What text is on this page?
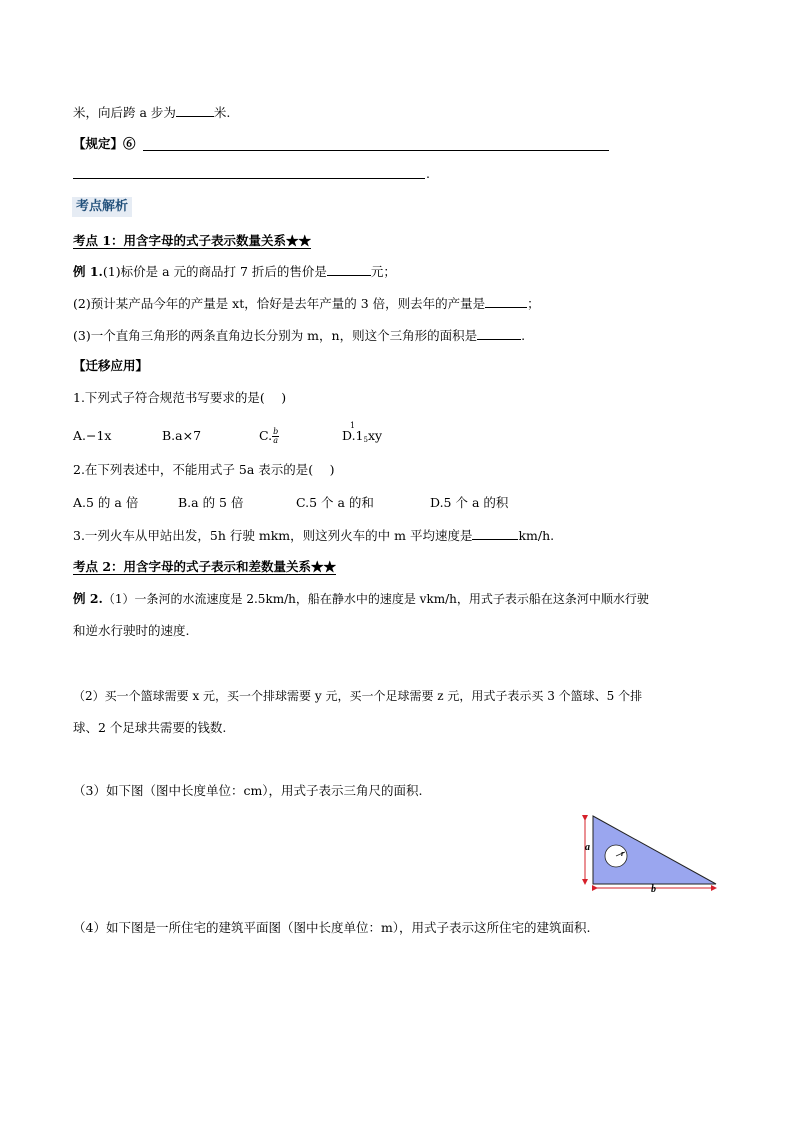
米，向后跨 a 步为	米.
【规定】⑥
.
考点解析
考点 1：用含字母的式子表示数量关系★★
例 1.(1)标价是 a 元的商品打 7 折后的售价是	元；
(2)预计某产品今年的产量是 xt，恰好是去年产量的 3 倍，则去年的产量是	；
(3)一个直角三角形的两条直角边长分别为 m，n，则这个三角形的面积是	.
【迁移应用】
1.下列式子符合规范书写要求的是(　 )
A.−1x	B.a×7	C. $\frac{b}{a}$	D.1
1
$_5$xy
2.在下列表述中，不能用式子 5a 表示的是(　 )
A.5 的 a 倍	B.a 的 5 倍	C.5 个 a 的和	D.5 个 a 的积
3.一列火车从甲站出发，5h 行驶 mkm，则这列火车的中 m 平均速度是	km/h.
考点 2：用含字母的式子表示和差数量关系★★
例 2.（1）一条河的水流速度是 2.5km/h，船在静水中的速度是 vkm/h，用式子表示船在这条河中顺水行驶
和逆水行驶时的速度.
（2）买一个篮球需要 x 元，买一个排球需要 y 元，买一个足球需要 z 元，用式子表示买 3 个篮球、5 个排
球、2 个足球共需要的钱数.
（3）如下图（图中长度单位：cm），用式子表示三角尺的面积.
r
a
b
（4）如下图是一所住宅的建筑平面图（图中长度单位：m），用式子表示这所住宅的建筑面积.
